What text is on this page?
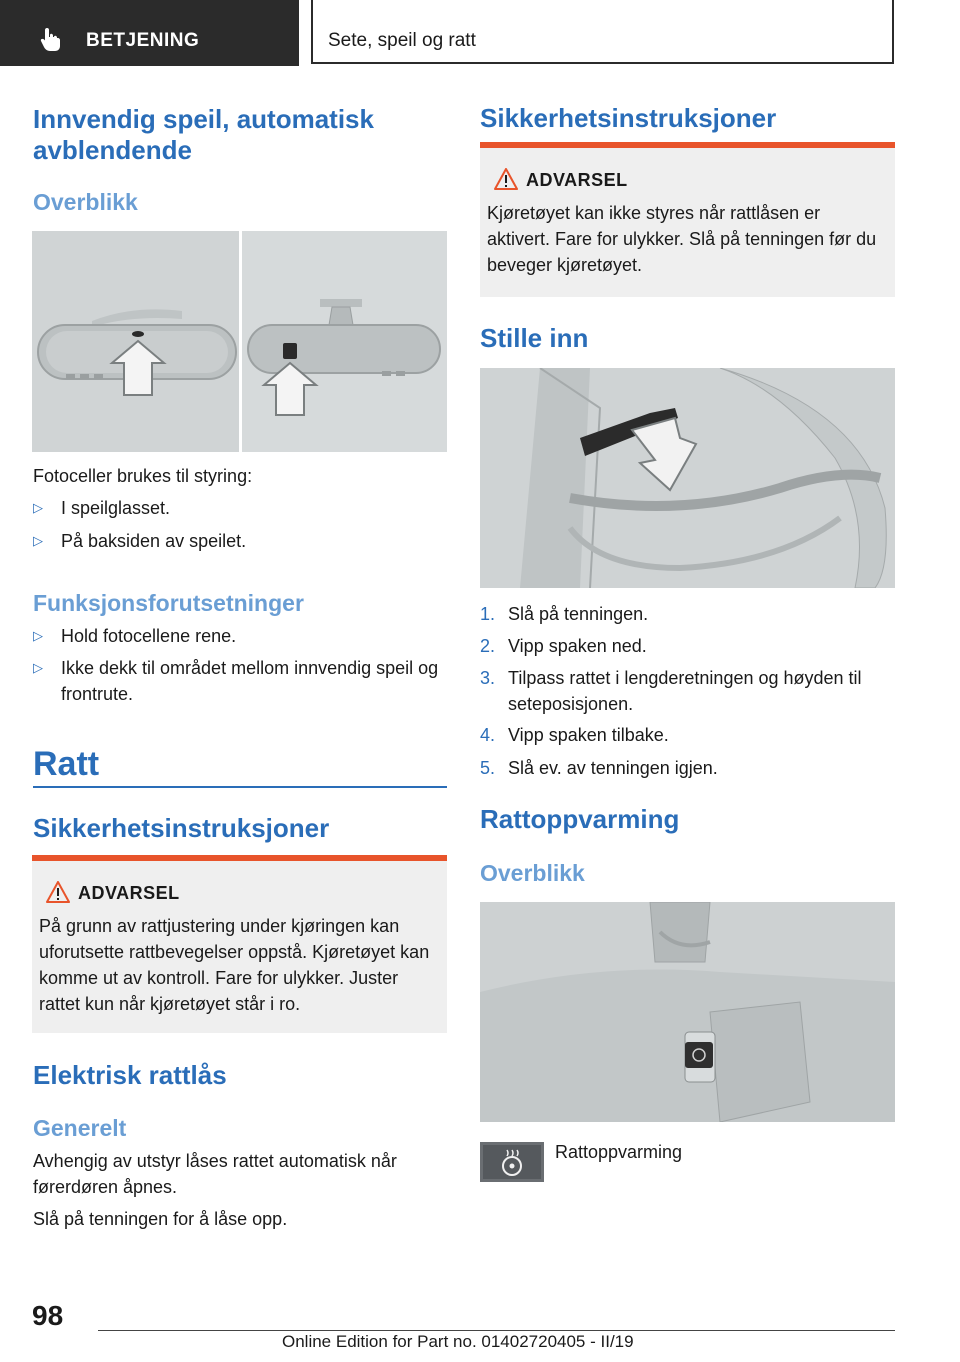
BETJENING	Sete, speil og ratt
Innvendig speil, automatisk avblendende
Overblikk

Fotoceller brukes til styring:

▷ I speilglasset.
▷ På baksiden av speilet.
Funksjonsforutsetninger
▷ Hold fotocellene rene.
▷ Ikke dekk til området mellom innvendig speil og frontrute.
Ratt
Sikkerhetsinstruksjoner
ADVARSEL

På grunn av rattjustering under kjøringen kan uforutsette rattbevegelser oppstå. Kjøretøyet kan komme ut av kontroll. Fare for ulykker. Juster rattet kun når kjøretøyet står i ro.

Elektrisk rattlås
Generelt

Avhengig av utstyr låses rattet automatisk når førerdøren åpnes.

Slå på tenningen for å låse opp.

Sikkerhetsinstruksjoner
ADVARSEL

Kjøretøyet kan ikke styres når rattlåsen er aktivert. Fare for ulykker. Slå på tenningen før du beveger kjøretøyet.

Stille inn
1. Slå på tenningen.
2. Vipp spaken ned.
3. Tilpass rattet i lengderetningen og høyden til seteposisjonen.
4. Vipp spaken tilbake.
5. Slå ev. av tenningen igjen.
Rattoppvarming
Overblikk

Rattoppvarming

98
Online Edition for Part no. 01402720405 - II/19
